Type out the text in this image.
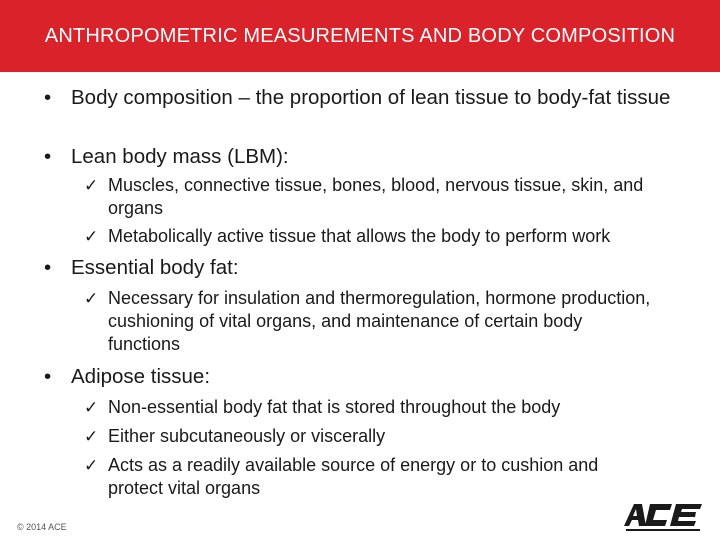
ANTHROPOMETRIC MEASUREMENTS AND BODY COMPOSITION
• Body composition – the proportion of lean tissue to body-fat tissue
• Lean body mass (LBM):
✓ Muscles, connective tissue, bones, blood, nervous tissue, skin, and organs
✓ Metabolically active tissue that allows the body to perform work
• Essential body fat:
✓ Necessary for insulation and thermoregulation, hormone production, cushioning of vital organs, and maintenance of certain body functions
• Adipose tissue:
✓ Non-essential body fat that is stored throughout the body
✓ Either subcutaneously or viscerally
✓ Acts as a readily available source of energy or to cushion and protect vital organs
© 2014 ACE
